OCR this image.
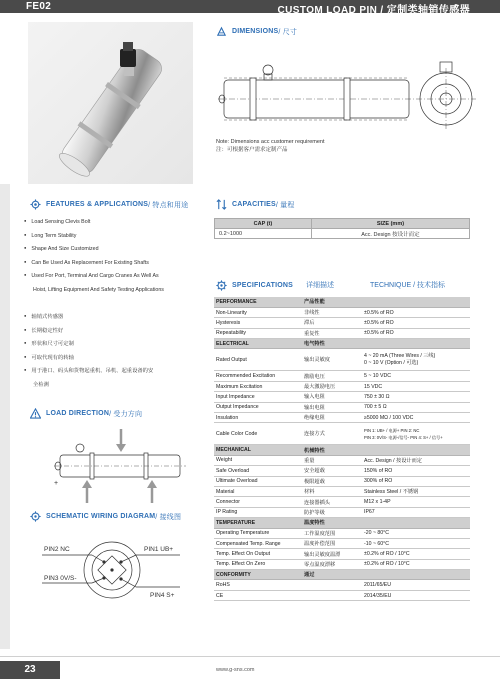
FE02	CUSTOM LOAD PIN / 定制类轴销传感器
DIMENSIONS / 尺寸
Note: Dimensions acc customer requirement
注：可根据客户需求定制产品
FEATURES & APPLICATIONS / 特点和用途
● Load Sensing Clevis Bolt
● Long Term Stability
● Shape And Size Customized
● Can Be Used As Replacement For Existing Shafts
● Used For Port, Terminal And Cargo Cranes As Well As
Hoist, Lifting Equipment And Safety Testing Applications
● 轴销式传感器
● 长期稳定性好
● 形状和尺寸可定制
● 可取代现有的转轴
● 用于港口、码头和货物起重机、吊机、起重设备的安
全检测
CAPACITIES / 量程
CAP (t)	SIZE (mm)
0.2~1000	Acc. Design 按设计而定
SPECIFICATIONS 详细描述	TECHNIQUE / 技术指标
PERFORMANCE	产品性能	
Non-Linearity	非线性	±0.5% of RO
Hysteresis	滞后	±0.5% of RO
Repeatability	重复性	±0.5% of RO
ELECTRICAL	电气特性	
Rated Output	输出灵敏度	4 ~ 20 mA (Three Wires / 三线)
0 ~ 10 V (Option / 可选)

Recommended Excitation	激励电压	5 ~ 10 VDC
Maximum Excitation	最大激励电压	15 VDC
Input Impedance	输入电阻	750 ± 30 Ω
Output Impedance	输出电阻	700 ± 5 Ω
Insulation	绝缘电阻	≥5000 MΩ / 100 VDC
Cable Color Code	连接方式	PIN 1: UB+ / 电源+ PIN 2: NC
PIN 3: 0V/S- 电源-/信号- PIN 4: S+ / 信号+

MECHANICAL	机械特性	
Weight	重量	Acc. Design / 按设计而定
Safe Overload	安全超载	150% of RO
Ultimate Overload	极限超载	300% of RO
Material	材料	Stainless Steel / 不锈钢
Connector	连接器插头	M12 x 1-4P
IP Rating	防护等级	IP67
TEMPERATURE	温度特性	
Operating Temperature	工作温度范围	-20 ~ 80°C
Compensated Temp. Range	温度补偿范围	-10 ~ 60°C
Temp. Effect On Output	输出灵敏度温漂	±0.2% of RO / 10°C
Temp. Effect On Zero	零点温度漂移	±0.2% of RO / 10°C
CONFORMITY	通过	
RoHS		2011/65/EU
CE		2014/35/EU
LOAD DIRECTION / 受力方向
+
SCHEMATIC WIRING DIAGRAM / 接线图
PIN2 NC	PIN1 UB+
PIN3 0V/S-
PIN4 S+
23	www.g-sns.com
